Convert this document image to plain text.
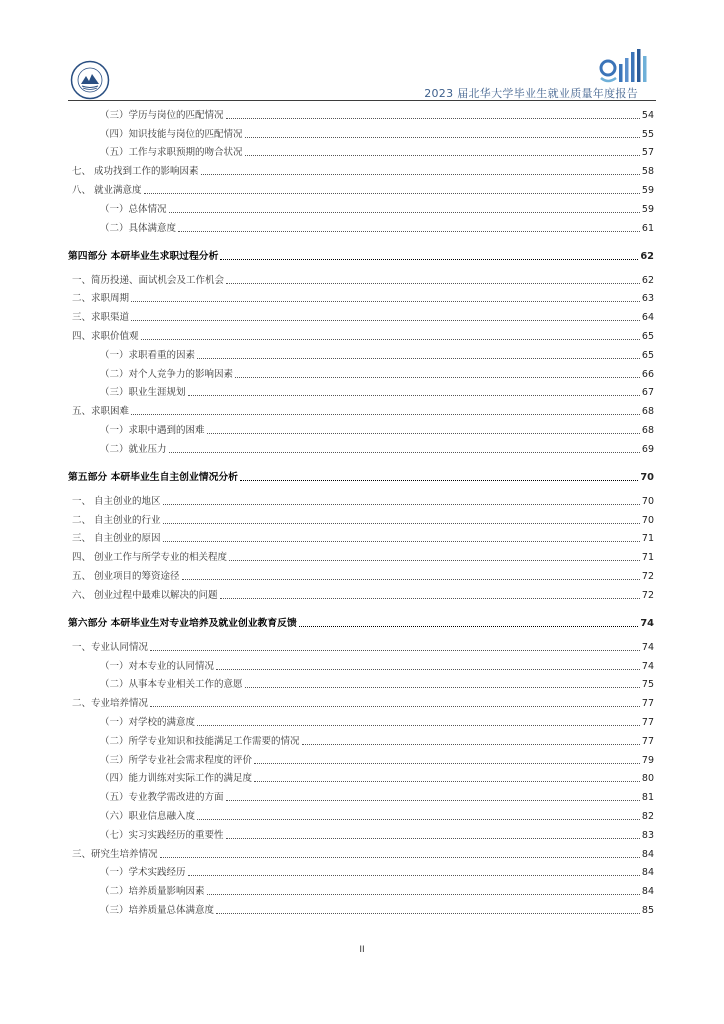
2023 届北华大学毕业生就业质量年度报告
（三）学历与岗位的匹配情况	54
（四）知识技能与岗位的匹配情况	55
（五）工作与求职预期的吻合状况	57
七、 成功找到工作的影响因素	58
八、 就业满意度	59
（一）总体情况	59
（二）具体满意度	61
第四部分 本研毕业生求职过程分析	62
一、简历投递、面试机会及工作机会	62
二、求职周期	63
三、求职渠道	64
四、求职价值观	65
（一）求职看重的因素	65
（二）对个人竞争力的影响因素	66
（三）职业生涯规划	67
五、求职困难	68
（一）求职中遇到的困难	68
（二）就业压力	69
第五部分 本研毕业生自主创业情况分析	70
一、 自主创业的地区	70
二、 自主创业的行业	70
三、 自主创业的原因	71
四、 创业工作与所学专业的相关程度	71
五、 创业项目的筹资途径	72
六、 创业过程中最难以解决的问题	72
第六部分 本研毕业生对专业培养及就业创业教育反馈	74
一、专业认同情况	74
（一）对本专业的认同情况	74
（二）从事本专业相关工作的意愿	75
二、专业培养情况	77
（一）对学校的满意度	77
（二）所学专业知识和技能满足工作需要的情况	77
（三）所学专业社会需求程度的评价	79
（四）能力训练对实际工作的满足度	80
（五）专业教学需改进的方面	81
（六）职业信息融入度	82
（七）实习实践经历的重要性	83
三、研究生培养情况	84
（一）学术实践经历	84
（二）培养质量影响因素	84
（三）培养质量总体满意度	85
II
